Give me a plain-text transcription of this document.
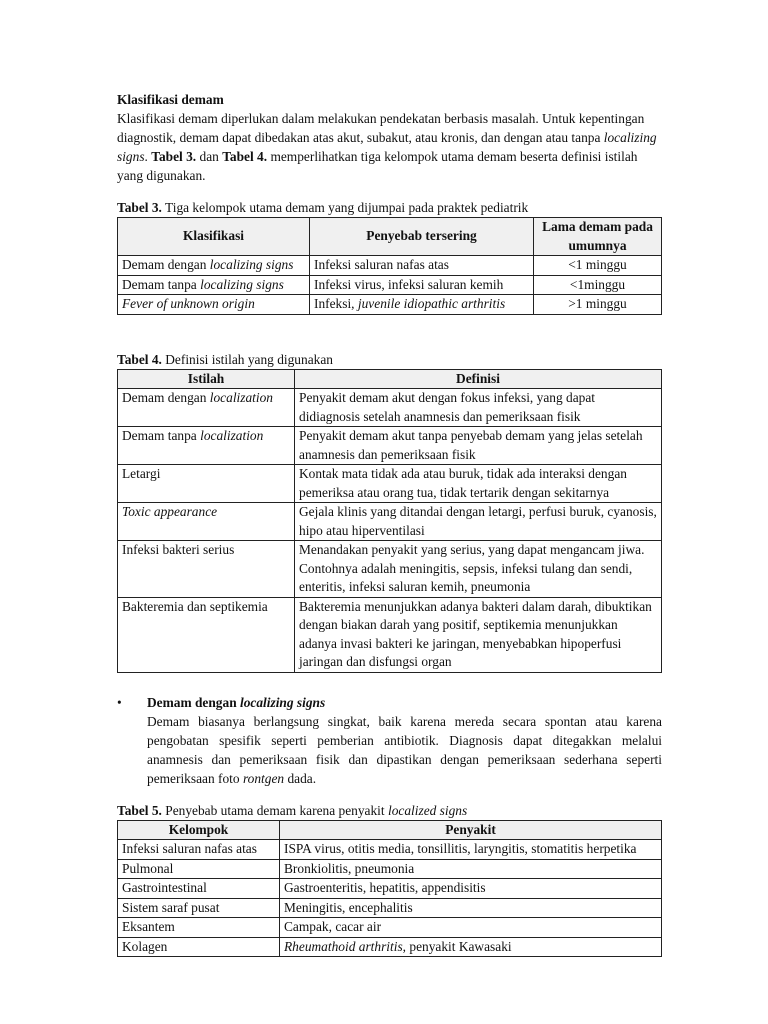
Klasifikasi demam

Klasifikasi demam diperlukan dalam melakukan pendekatan berbasis masalah. Untuk kepentingan diagnostik, demam dapat dibedakan atas akut, subakut, atau kronis, dan dengan atau tanpa localizing signs. Tabel 3. dan Tabel 4. memperlihatkan tiga kelompok utama demam beserta definisi istilah yang digunakan.

Tabel 3. Tiga kelompok utama demam yang dijumpai pada praktek pediatrik

Klasifikasi	Penyebab tersering	Lama demam pada umumnya
Demam dengan localizing signs	Infeksi saluran nafas atas	<1 minggu
Demam tanpa localizing signs	Infeksi virus, infeksi saluran kemih	<1minggu
Fever of unknown origin	Infeksi, juvenile idiopathic arthritis	>1 minggu

Tabel 4. Definisi istilah yang digunakan

Istilah	Definisi
Demam dengan localization	Penyakit demam akut dengan fokus infeksi, yang dapat didiagnosis setelah anamnesis dan pemeriksaan fisik
Demam tanpa localization	Penyakit demam akut tanpa penyebab demam yang jelas setelah anamnesis dan pemeriksaan fisik
Letargi	Kontak mata tidak ada atau buruk, tidak ada interaksi dengan pemeriksa atau orang tua, tidak tertarik dengan sekitarnya
Toxic appearance	Gejala klinis yang ditandai dengan letargi, perfusi buruk, cyanosis, hipo atau hiperventilasi
Infeksi bakteri serius	Menandakan penyakit yang serius, yang dapat mengancam jiwa. Contohnya adalah meningitis, sepsis, infeksi tulang dan sendi, enteritis, infeksi saluran kemih, pneumonia
Bakteremia dan septikemia	Bakteremia menunjukkan adanya bakteri dalam darah, dibuktikan dengan biakan darah yang positif, septikemia menunjukkan adanya invasi bakteri ke jaringan, menyebabkan hipoperfusi jaringan dan disfungsi organ
• Demam dengan localizing signs

Demam biasanya berlangsung singkat, baik karena mereda secara spontan atau karena pengobatan spesifik seperti pemberian antibiotik. Diagnosis dapat ditegakkan melalui anamnesis dan pemeriksaan fisik dan dipastikan dengan pemeriksaan sederhana seperti pemeriksaan foto rontgen dada.

Tabel 5. Penyebab utama demam karena penyakit localized signs

Kelompok	Penyakit
Infeksi saluran nafas atas	ISPA virus, otitis media, tonsillitis, laryngitis, stomatitis herpetika
Pulmonal	Bronkiolitis, pneumonia
Gastrointestinal	Gastroenteritis, hepatitis, appendisitis
Sistem saraf pusat	Meningitis, encephalitis
Eksantem	Campak, cacar air
Kolagen	Rheumathoid arthritis, penyakit Kawasaki
